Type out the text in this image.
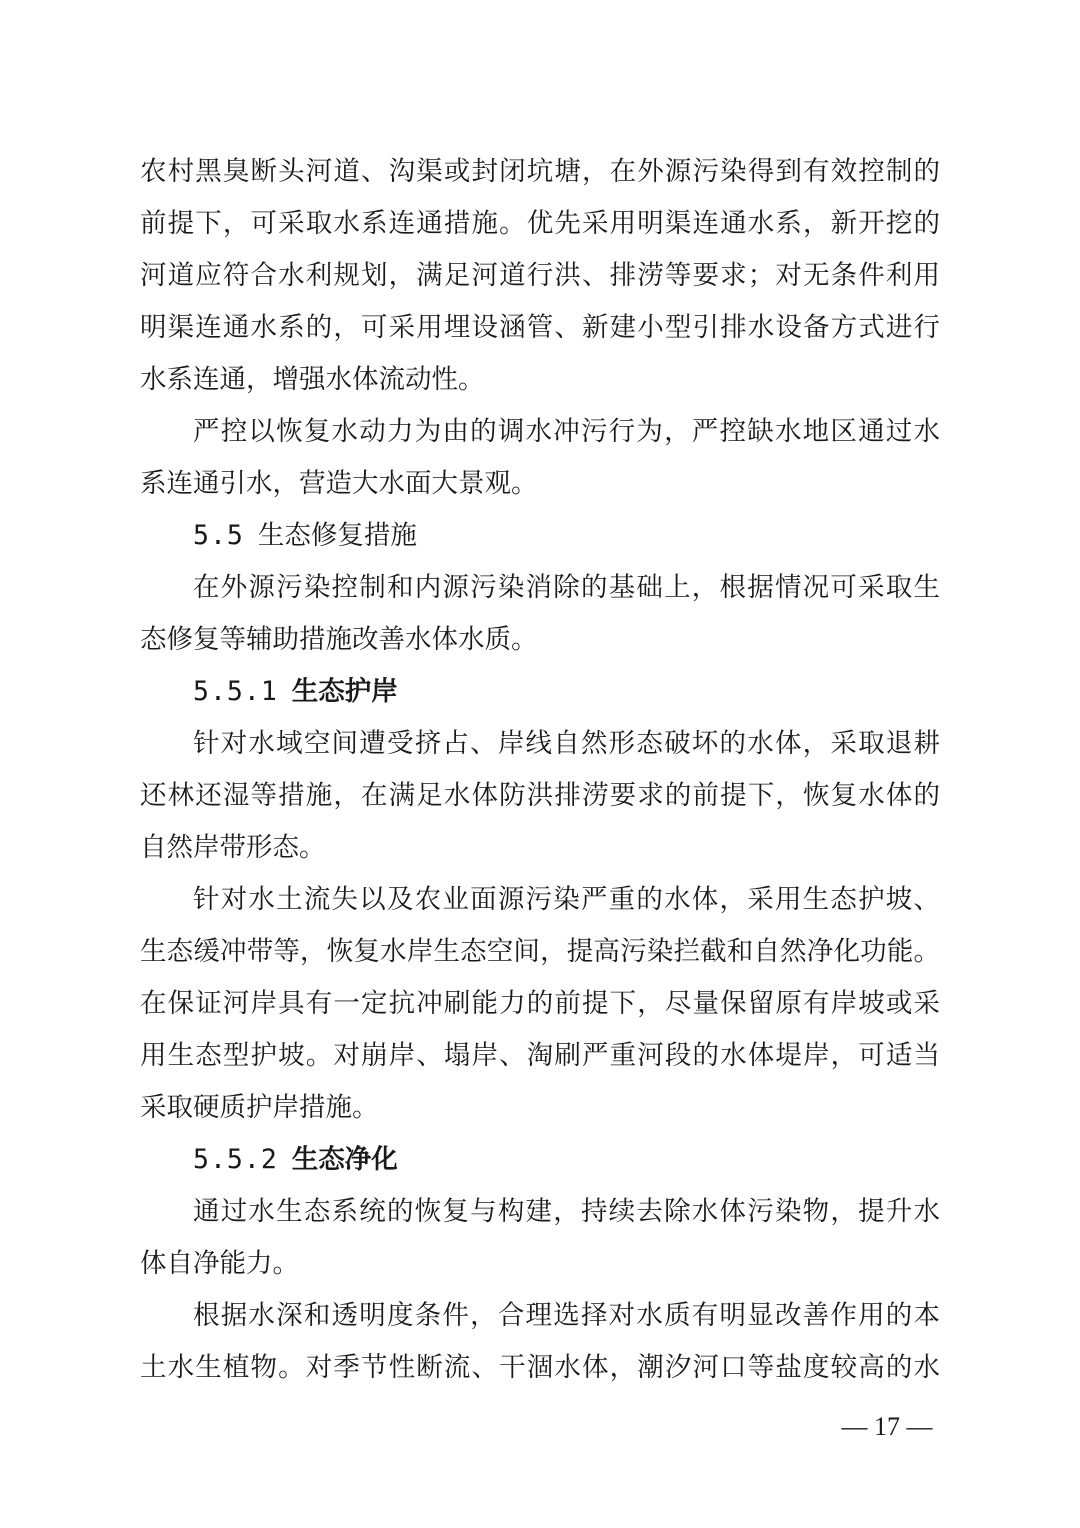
农村黑臭断头河道、沟渠或封闭坑塘，在外源污染得到有效控制的
前提下，可采取水系连通措施。优先采用明渠连通水系，新开挖的
河道应符合水利规划，满足河道行洪、排涝等要求；对无条件利用
明渠连通水系的，可采用埋设涵管、新建小型引排水设备方式进行
水系连通，增强水体流动性。
严控以恢复水动力为由的调水冲污行为，严控缺水地区通过水
系连通引水，营造大水面大景观。
5.5 生态修复措施
在外源污染控制和内源污染消除的基础上，根据情况可采取生
态修复等辅助措施改善水体水质。
5.5.1 生态护岸
针对水域空间遭受挤占、岸线自然形态破坏的水体，采取退耕
还林还湿等措施，在满足水体防洪排涝要求的前提下，恢复水体的
自然岸带形态。
针对水土流失以及农业面源污染严重的水体，采用生态护坡、
生态缓冲带等，恢复水岸生态空间，提高污染拦截和自然净化功能。
在保证河岸具有一定抗冲刷能力的前提下，尽量保留原有岸坡或采
用生态型护坡。对崩岸、塌岸、淘刷严重河段的水体堤岸，可适当
采取硬质护岸措施。
5.5.2 生态净化
通过水生态系统的恢复与构建，持续去除水体污染物，提升水
体自净能力。
根据水深和透明度条件，合理选择对水质有明显改善作用的本
土水生植物。对季节性断流、干涸水体，潮汐河口等盐度较高的水
— 17 —
